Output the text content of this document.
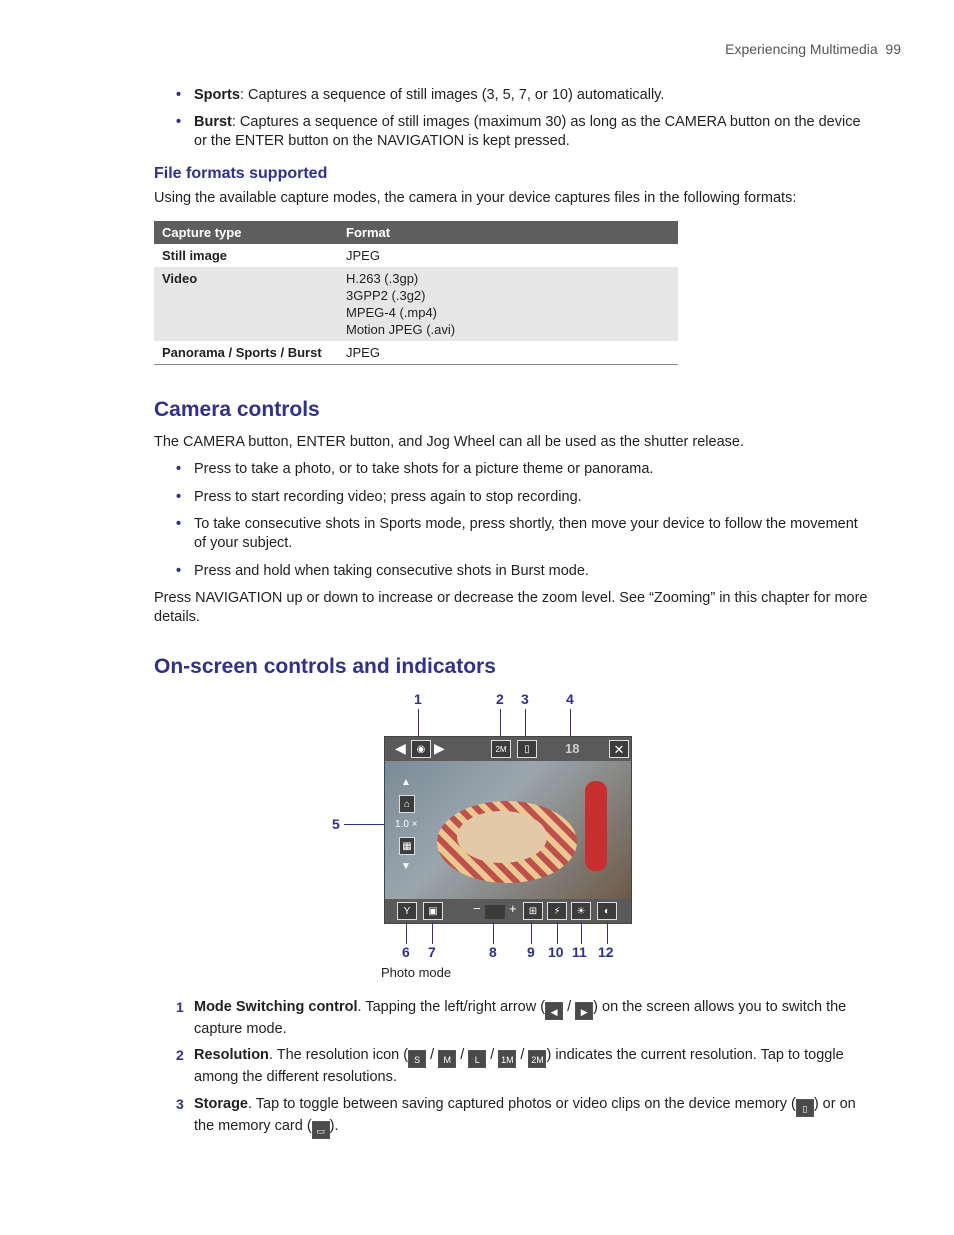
Experiencing Multimedia 99
• Sports: Captures a sequence of still images (3, 5, 7, or 10) automatically.
• Burst: Captures a sequence of still images (maximum 30) as long as the CAMERA button on the device or the ENTER button on the NAVIGATION is kept pressed.
File formats supported
Using the available capture modes, the camera in your device captures files in the following formats:
Capture type	Format
Still image	JPEG
Video	H.263 (.3gp)
3GPP2 (.3g2)
MPEG-4 (.mp4)
Motion JPEG (.avi)

Panorama / Sports / Burst	JPEG
Camera controls
The CAMERA button, ENTER button, and Jog Wheel can all be used as the shutter release.
• Press to take a photo, or to take shots for a picture theme or panorama.
• Press to start recording video; press again to stop recording.
• To take consecutive shots in Sports mode, press shortly, then move your device to follow the movement of your subject.
• Press and hold when taking consecutive shots in Burst mode.
Press NAVIGATION up or down to increase or decrease the zoom level. See “Zooming” in this chapter for more details.
On-screen controls and indicators
1	2 3	4
5
◀	◉ ▶	2M	▯	18	✕
▲
⌂
1.0 ×
▦
▼
Y	▣	− +	⊞	⚡	☀	◐
6 7	8 9 10 11 12
Photo mode
1 Mode Switching control. Tapping the left/right arrow ( ◀ / ▶ ) on the screen allows you to switch the capture mode.
2 Resolution. The resolution icon ( S / M / L / 1M / 2M ) indicates the current resolution. Tap to toggle among the different resolutions.
3 Storage. Tap to toggle between saving captured photos or video clips on the device memory ( ▯ ) or on the memory card ( ▭ ).
